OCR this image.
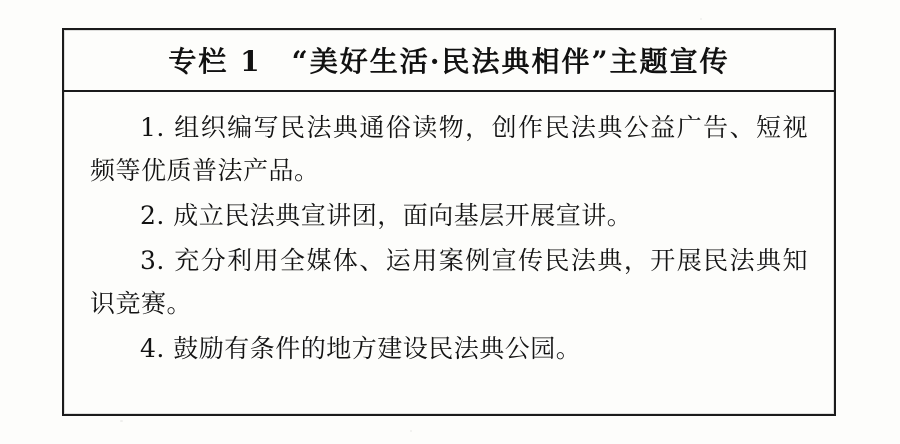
专栏 1　“美好生活·民法典相伴”主题宣传

1. 组织编写民法典通俗读物，创作民法典公益广告、短视频等优质普法产品。

2. 成立民法典宣讲团，面向基层开展宣讲。

3. 充分利用全媒体、运用案例宣传民法典，开展民法典知识竞赛。

4. 鼓励有条件的地方建设民法典公园。
